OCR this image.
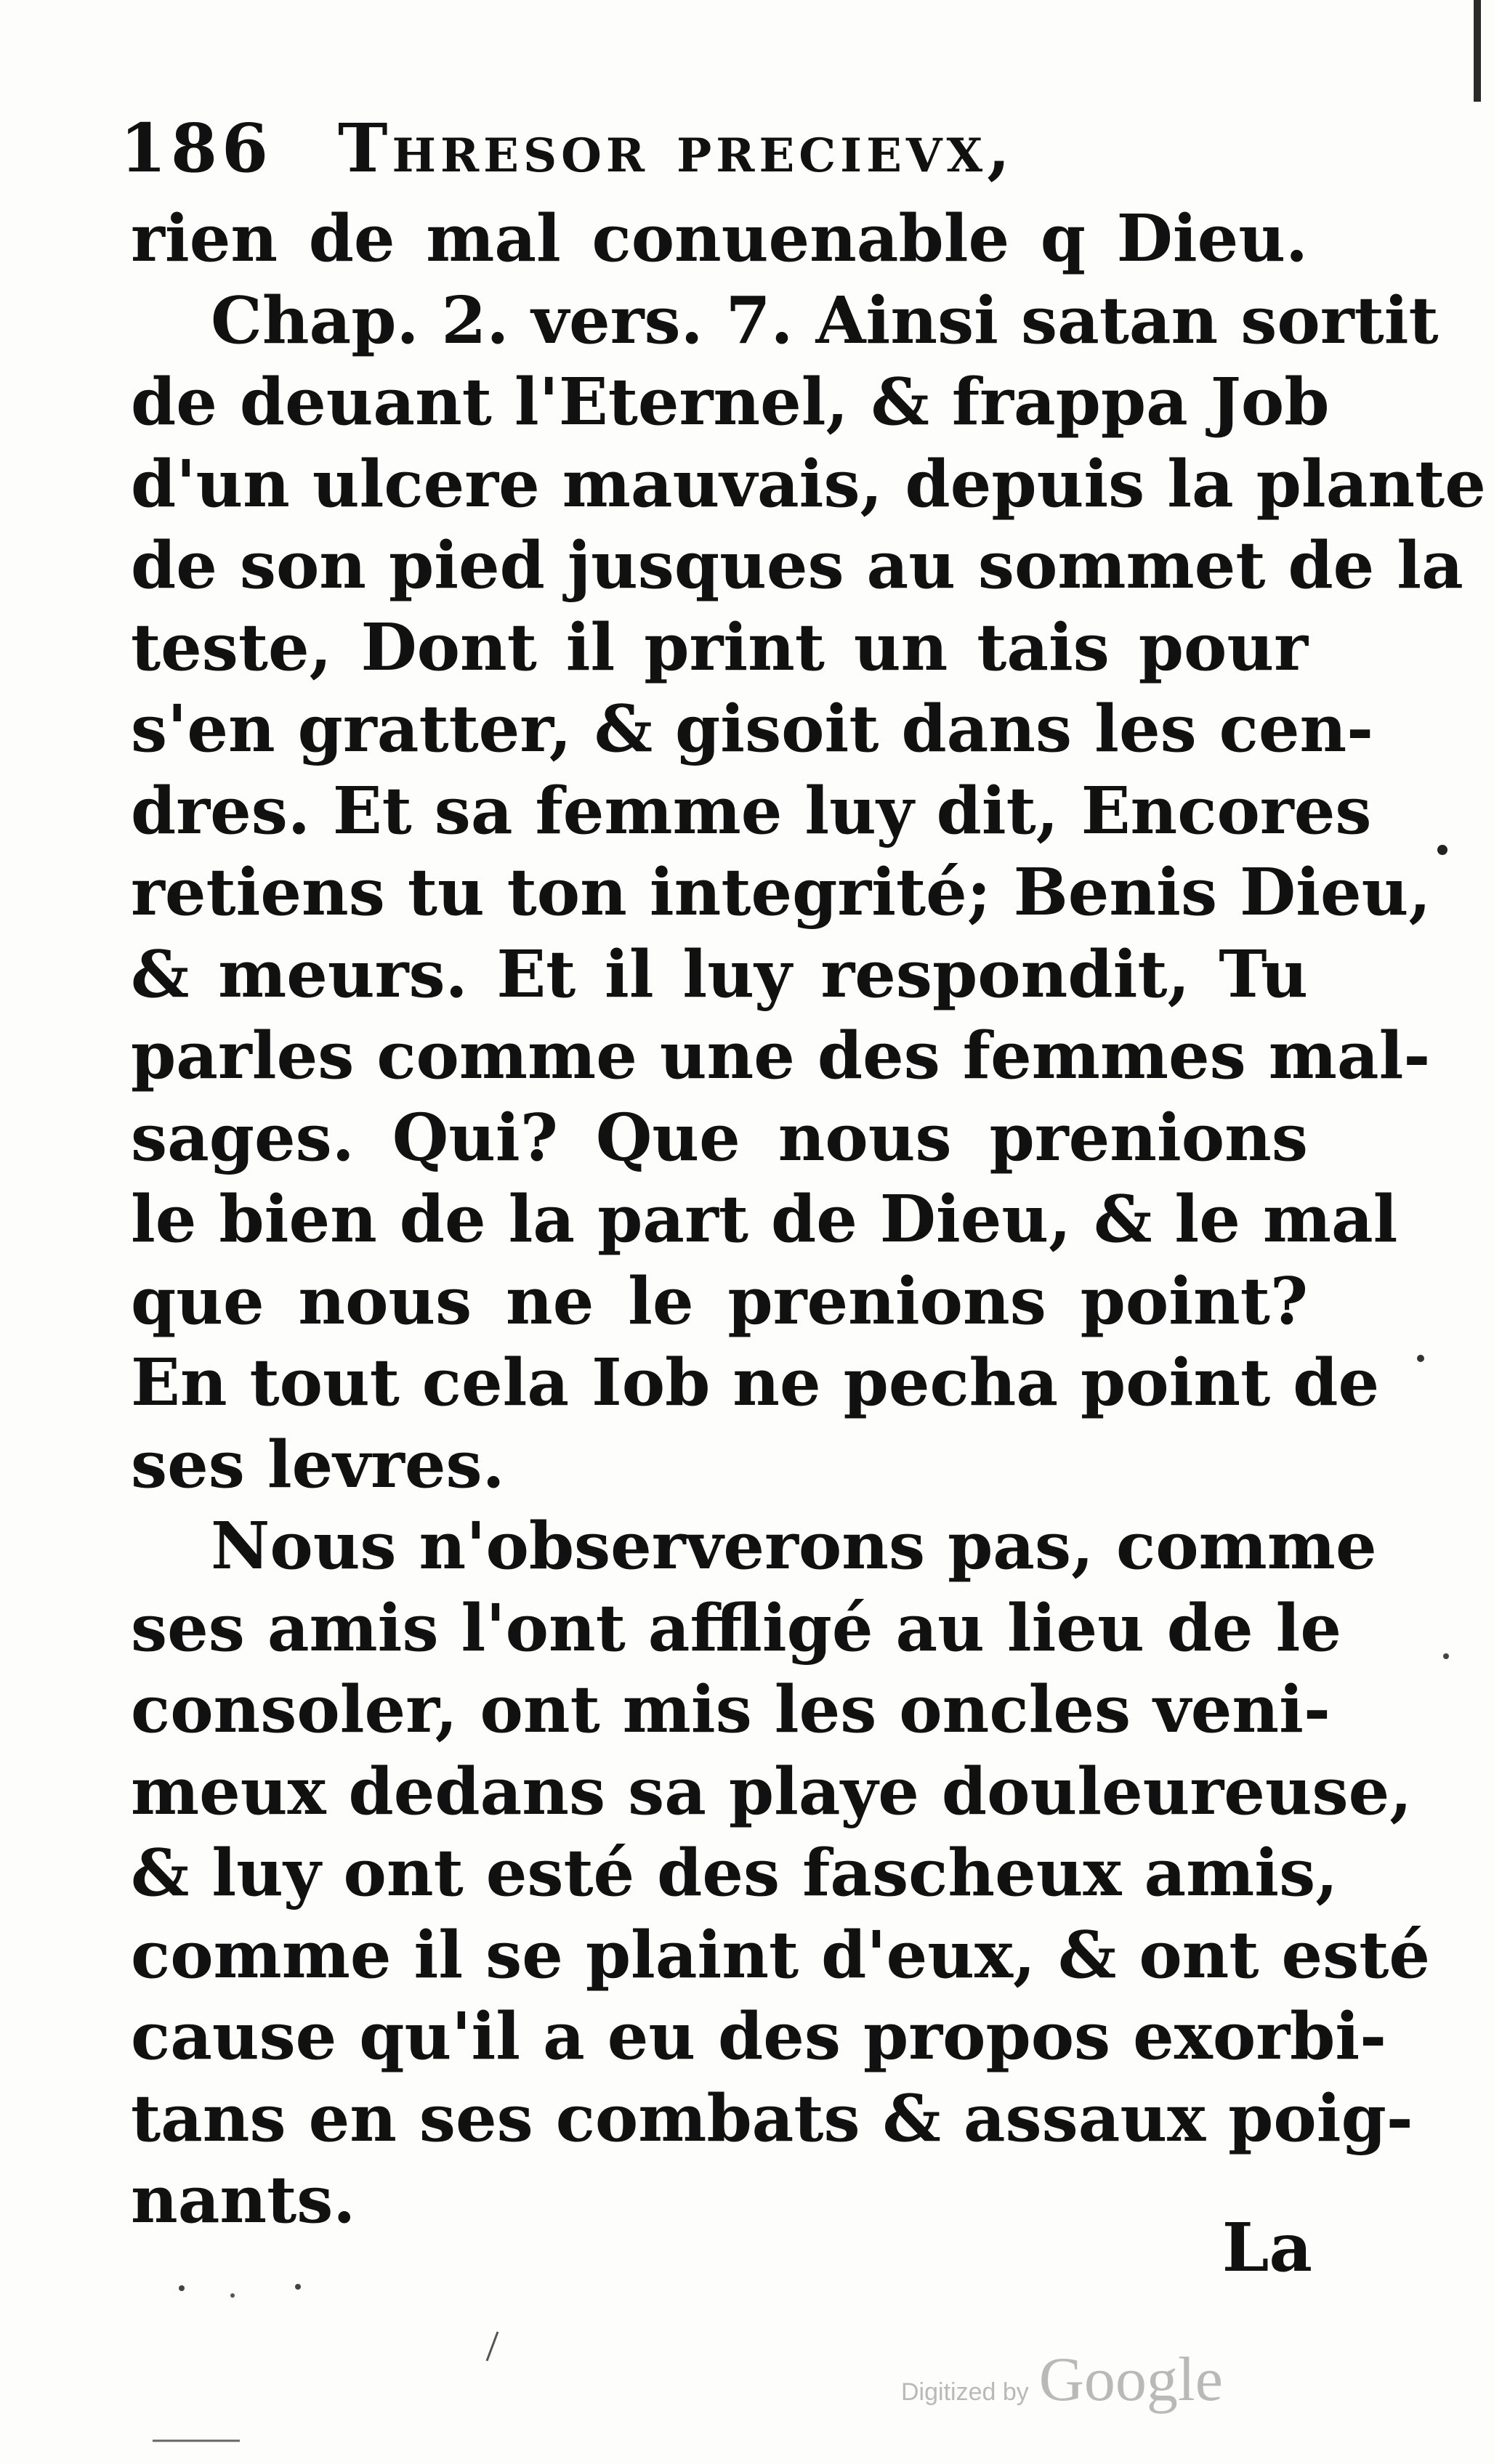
186 Thresor precievx,
rien de mal conuenable q Dieu.
Chap. 2. vers. 7. Ainsi satan sortit
de deuant l'Eternel, & frappa Job
d'un ulcere mauvais, depuis la plante
de son pied jusques au sommet de la
teste, Dont il print un tais pour
s'en gratter, & gisoit dans les cen-
dres. Et sa femme luy dit, Encores
retiens tu ton integrité; Benis Dieu,
& meurs. Et il luy respondit, Tu
parles comme une des femmes mal-
sages. Qui? Que nous prenions
le bien de la part de Dieu, & le mal
que nous ne le prenions point?
En tout cela Iob ne pecha point de
ses levres.
Nous n'observerons pas, comme
ses amis l'ont affligé au lieu de le
consoler, ont mis les oncles veni-
meux dedans sa playe douleureuse,
& luy ont esté des fascheux amis,
comme il se plaint d'eux, & ont esté
cause qu'il a eu des propos exorbi-
tans en ses combats & assaux poig-
nants.
La
Digitized by Google
